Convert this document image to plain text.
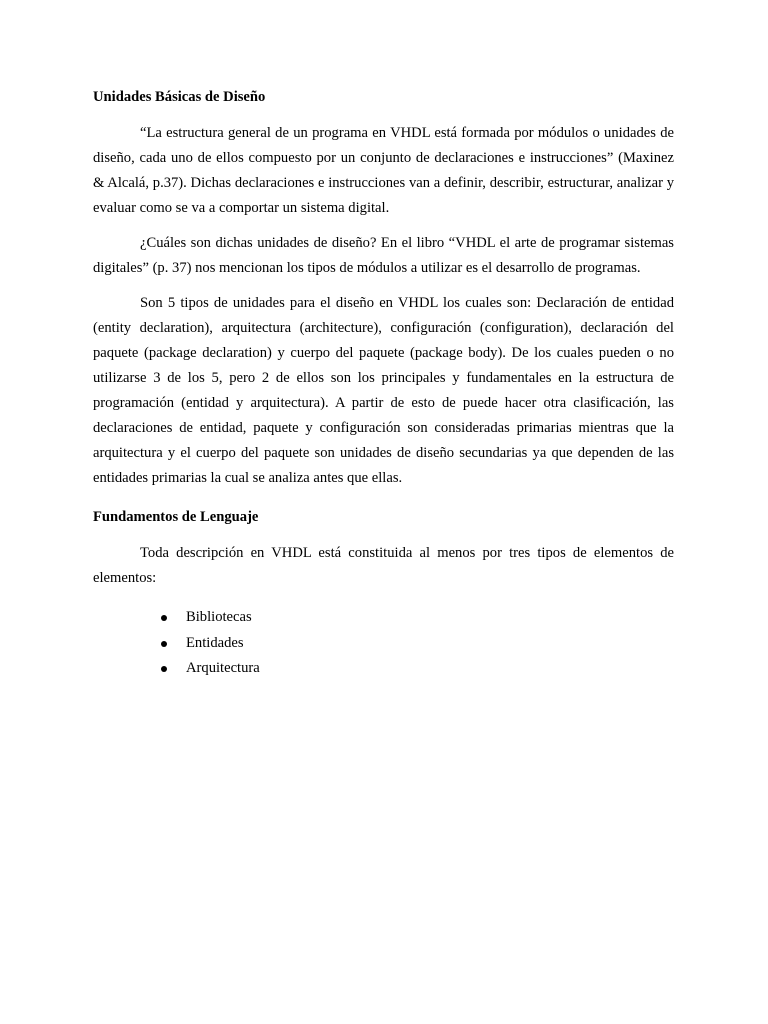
Unidades Básicas de Diseño

“La estructura general de un programa en VHDL está formada por módulos o unidades de diseño, cada uno de ellos compuesto por un conjunto de declaraciones e instrucciones” (Maxinez & Alcalá, p.37). Dichas declaraciones e instrucciones van a definir, describir, estructurar, analizar y evaluar como se va a comportar un sistema digital.

¿Cuáles son dichas unidades de diseño? En el libro “VHDL el arte de programar sistemas digitales” (p. 37) nos mencionan los tipos de módulos a utilizar es el desarrollo de programas.

Son 5 tipos de unidades para el diseño en VHDL los cuales son: Declaración de entidad (entity declaration), arquitectura (architecture), configuración (configuration), declaración del paquete (package declaration) y cuerpo del paquete (package body). De los cuales pueden o no utilizarse 3 de los 5, pero 2 de ellos son los principales y fundamentales en la estructura de programación (entidad y arquitectura). A partir de esto de puede hacer otra clasificación, las declaraciones de entidad, paquete y configuración son consideradas primarias mientras que la arquitectura y el cuerpo del paquete son unidades de diseño secundarias ya que dependen de las entidades primarias la cual se analiza antes que ellas.

Fundamentos de Lenguaje

Toda descripción en VHDL está constituida al menos por tres tipos de elementos de elementos:

Bibliotecas
Entidades
Arquitectura
